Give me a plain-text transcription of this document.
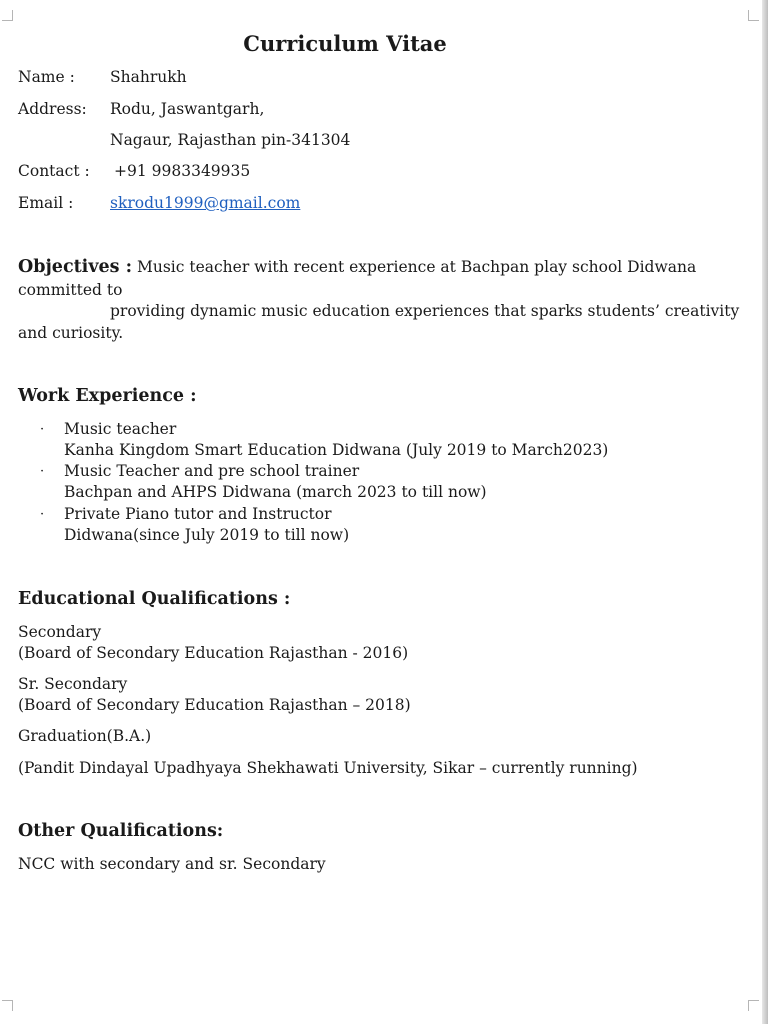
Curriculum Vitae
Name : Shahrukh
Address: Rodu, Jaswantgarh,
Nagaur, Rajasthan pin-341304
Contact : +91 9983349935
Email : skrodu1999@gmail.com
Objectives : Music teacher with recent experience at Bachpan play school Didwana
committed to
providing dynamic music education experiences that sparks students’ creativity
and curiosity.
Work Experience :
· Music teacher
Kanha Kingdom Smart Education Didwana (July 2019 to March2023)
· Music Teacher and pre school trainer
Bachpan and AHPS Didwana (march 2023 to till now)
· Private Piano tutor and Instructor
Didwana(since July 2019 to till now)
Educational Qualifications :
Secondary
(Board of Secondary Education Rajasthan - 2016)
Sr. Secondary
(Board of Secondary Education Rajasthan – 2018)
Graduation(B.A.)
(Pandit Dindayal Upadhyaya Shekhawati University, Sikar – currently running)
Other Qualifications:
NCC with secondary and sr. Secondary
